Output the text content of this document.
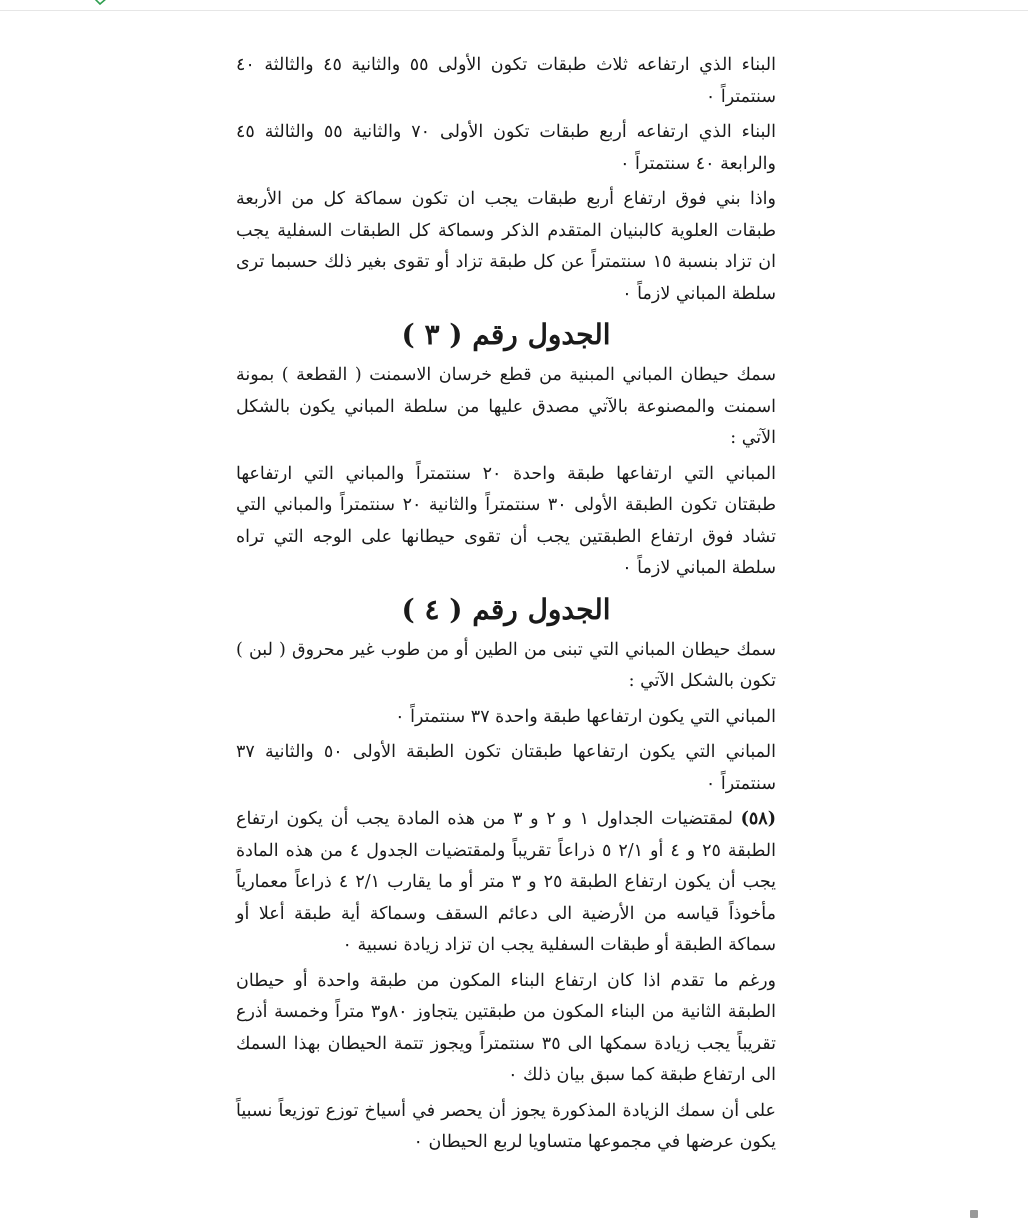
البناء الذي ارتفاعه ثلاث طبقات تكون الأولى ٥٥ والثانية ٤٥ والثالثة ٤٠ سنتمتراً ٠

البناء الذي ارتفاعه أربع طبقات تكون الأولى ٧٠ والثانية ٥٥ والثالثة ٤٥ والرابعة ٤٠ سنتمتراً ٠

واذا بني فوق ارتفاع أربع طبقات يجب ان تكون سماكة كل من الأربعة طبقات العلوية كالبنيان المتقدم الذكر وسماكة كل الطبقات السفلية يجب ان تزاد بنسبة ١٥ سنتمتراً عن كل طبقة تزاد أو تقوى بغير ذلك حسبما ترى سلطة المباني لازماً ٠

الجدول رقم ( ٣ )

سمك حيطان المباني المبنية من قطع خرسان الاسمنت ( القطعة ) بمونة اسمنت والمصنوعة بالآتي مصدق عليها من سلطة المباني يكون بالشكل الآتي :

المباني التي ارتفاعها طبقة واحدة ٢٠ سنتمتراً والمباني التي ارتفاعها طبقتان تكون الطبقة الأولى ٣٠ سنتمتراً والثانية ٢٠ سنتمتراً والمباني التي تشاد فوق ارتفاع الطبقتين يجب أن تقوى حيطانها على الوجه التي تراه سلطة المباني لازماً ٠

الجدول رقم ( ٤ )

سمك حيطان المباني التي تبنى من الطين أو من طوب غير محروق ( لبن ) تكون بالشكل الآتي :

المباني التي يكون ارتفاعها طبقة واحدة ٣٧ سنتمتراً ٠

المباني التي يكون ارتفاعها طبقتان تكون الطبقة الأولى ٥٠ والثانية ٣٧ سنتمتراً ٠

(٥٨) لمقتضيات الجداول ١ و ٢ و ٣ من هذه المادة يجب أن يكون ارتفاع الطبقة ٢٥ و ٤ أو ٢/١ ٥ ذراعاً تقريباً ولمقتضيات الجدول ٤ من هذه المادة يجب أن يكون ارتفاع الطبقة ٢٥ و ٣ متر أو ما يقارب ٢/١ ٤ ذراعاً معمارياً مأخوذاً قياسه من الأرضية الى دعائم السقف وسماكة أية طبقة أعلا أو سماكة الطبقة أو طبقات السفلية يجب ان تزاد زيادة نسبية ٠

ورغم ما تقدم اذا كان ارتفاع البناء المكون من طبقة واحدة أو حيطان الطبقة الثانية من البناء المكون من طبقتين يتجاوز ٨٠و٣ متراً وخمسة أذرع تقريباً يجب زيادة سمكها الى ٣٥ سنتمتراً ويجوز تتمة الحيطان بهذا السمك الى ارتفاع طبقة كما سبق بيان ذلك ٠

على أن سمك الزيادة المذكورة يجوز أن يحصر في أسياخ توزع توزيعاً نسبياً يكون عرضها في مجموعها متساويا لربع الحيطان ٠
